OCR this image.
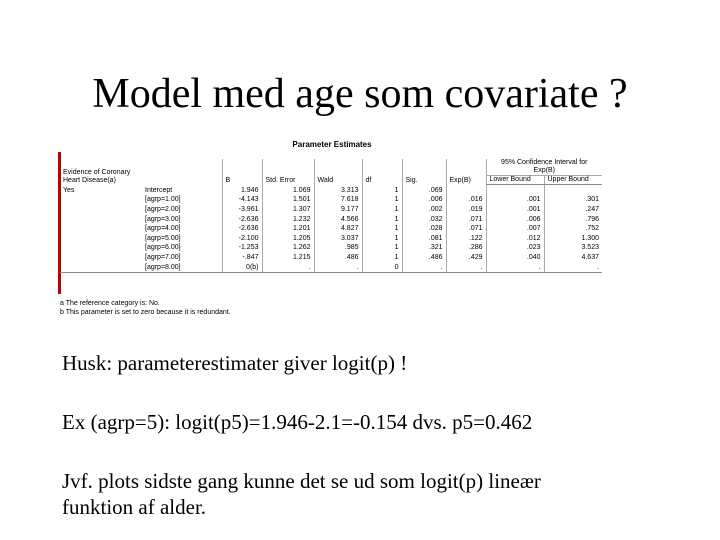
Model med age som covariate ?
Parameter Estimates
Evidence of Coronary
Heart Disease(a)		B	Std. Error	Wald	df	Sig.	Exp(B)	95% Confidence Interval for
Exp(B)	
								Lower Bound	Upper Bound
Yes	Intercept	1.946	1.069	3.313	1	.069			
	[agrp=1.00]	-4.143	1.501	7.618	1	.006	.016	.001	.301
	[agrp=2.00]	-3.961	1.307	9.177	1	.002	.019	.001	.247
	[agrp=3.00]	-2.636	1.232	4.566	1	.032	.071	.006	.796
	[agrp=4.00]	-2.636	1.201	4.827	1	.028	.071	.007	.752
	[agrp=5.00]	-2.100	1.205	3.037	1	.081	.122	.012	1.300
	[agrp=6.00]	-1.253	1.262	.985	1	.321	.286	.023	3.523
	[agrp=7.00]	-.847	1.215	.486	1	.486	.429	.040	4.637
	[agrp=8.00]	0(b)	.	.	0	.	.	.	.
a The reference category is: No.
b This parameter is set to zero because it is redundant.
Husk: parameterestimater giver logit(p) !
Ex (agrp=5): logit(p5)=1.946-2.1=-0.154 dvs. p5=0.462
Jvf. plots sidste gang kunne det se ud som logit(p) lineær
funktion af alder.
